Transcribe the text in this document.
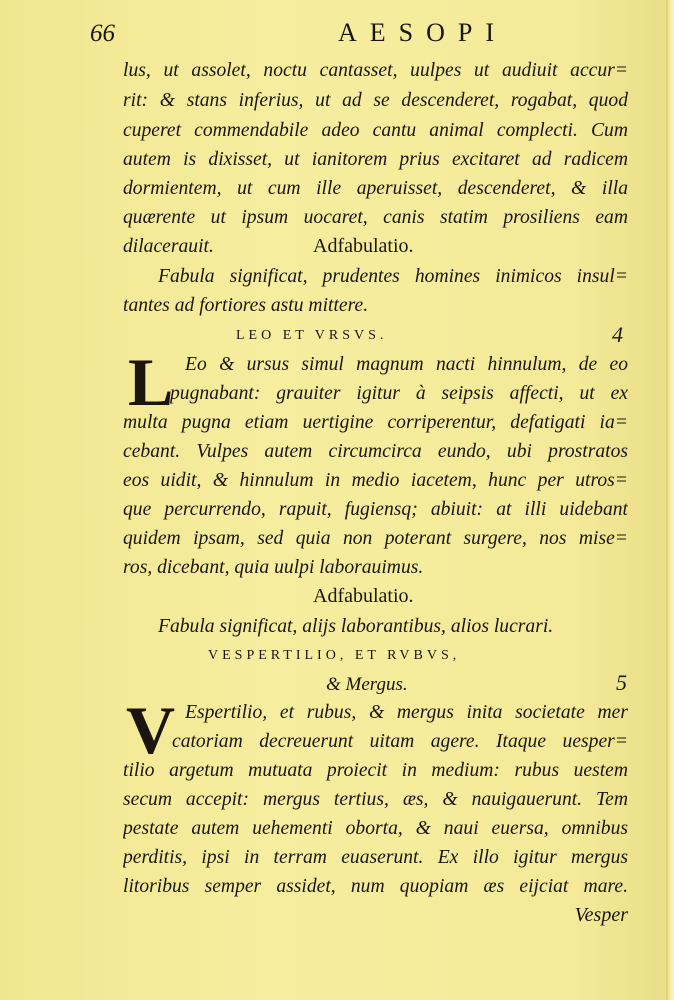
66	AESOPI
lus, ut assolet, noctu cantasset, uulpes ut audiuit accur=
rit: & stans inferius, ut ad se descenderet, rogabat, quod
cuperet commendabile adeo cantu animal complecti. Cum
autem is dixisset, ut ianitorem prius excitaret ad radicem
dormientem, ut cum ille aperuisset, descenderet, & illa
quærente ut ipsum uocaret, canis statim prosiliens eam
dilacerauit.	Adfabulatio.
Fabula significat, prudentes homines inimicos insul=
tantes ad fortiores astu mittere.
LEO ET VRSVS.	4
L Eo & ursus simul magnum nacti hinnulum, de eo
pugnabant: grauiter igitur à seipsis affecti, ut ex
multa pugna etiam uertigine corriperentur, defatigati ia=
cebant. Vulpes autem circumcirca eundo, ubi prostratos
eos uidit, & hinnulum in medio iacetem, hunc per utros=
que percurrendo, rapuit, fugiensq; abiuit: at illi uidebant
quidem ipsam, sed quia non poterant surgere, nos mise=
ros, dicebant, quia uulpi laborauimus.
Adfabulatio.
Fabula significat, alijs laborantibus, alios lucrari.
VESPERTILIO, ET RVBVS,
& Mergus.	5
V Espertilio, et rubus, & mergus inita societate mer
catoriam decreuerunt uitam agere. Itaque uesper=
tilio argetum mutuata proiecit in medium: rubus uestem
secum accepit: mergus tertius, æs, & nauigauerunt. Tem
pestate autem uehementi oborta, & naui euersa, omnibus
perditis, ipsi in terram euaserunt. Ex illo igitur mergus
litoribus semper assidet, num quopiam æs eijciat mare.
Vesper
